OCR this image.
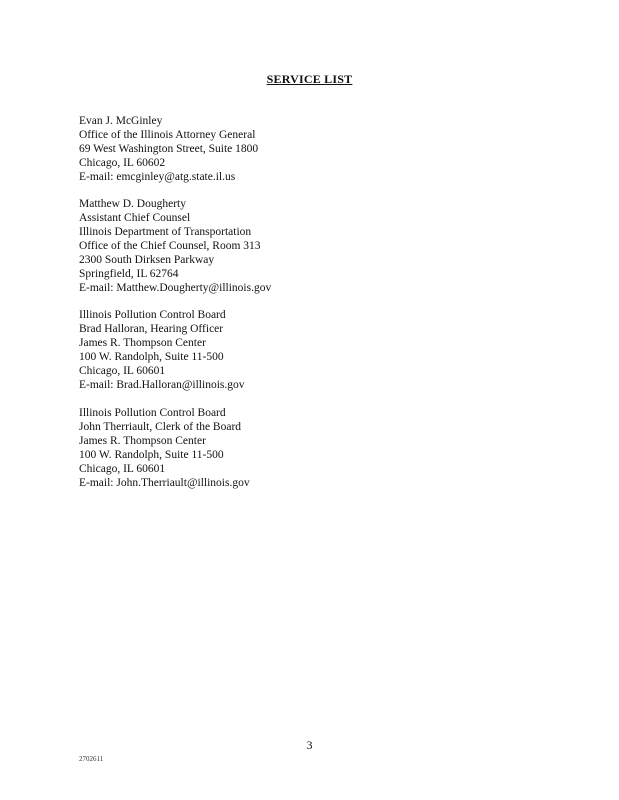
SERVICE LIST
Evan J. McGinley
Office of the Illinois Attorney General
69 West Washington Street, Suite 1800
Chicago, IL 60602
E-mail: emcginley@atg.state.il.us
Matthew D. Dougherty
Assistant Chief Counsel
Illinois Department of Transportation
Office of the Chief Counsel, Room 313
2300 South Dirksen Parkway
Springfield, IL 62764
E-mail: Matthew.Dougherty@illinois.gov
Illinois Pollution Control Board
Brad Halloran, Hearing Officer
James R. Thompson Center
100 W. Randolph, Suite 11-500
Chicago, IL 60601
E-mail: Brad.Halloran@illinois.gov
Illinois Pollution Control Board
John Therriault, Clerk of the Board
James R. Thompson Center
100 W. Randolph, Suite 11-500
Chicago, IL 60601
E-mail: John.Therriault@illinois.gov
3
2702611
